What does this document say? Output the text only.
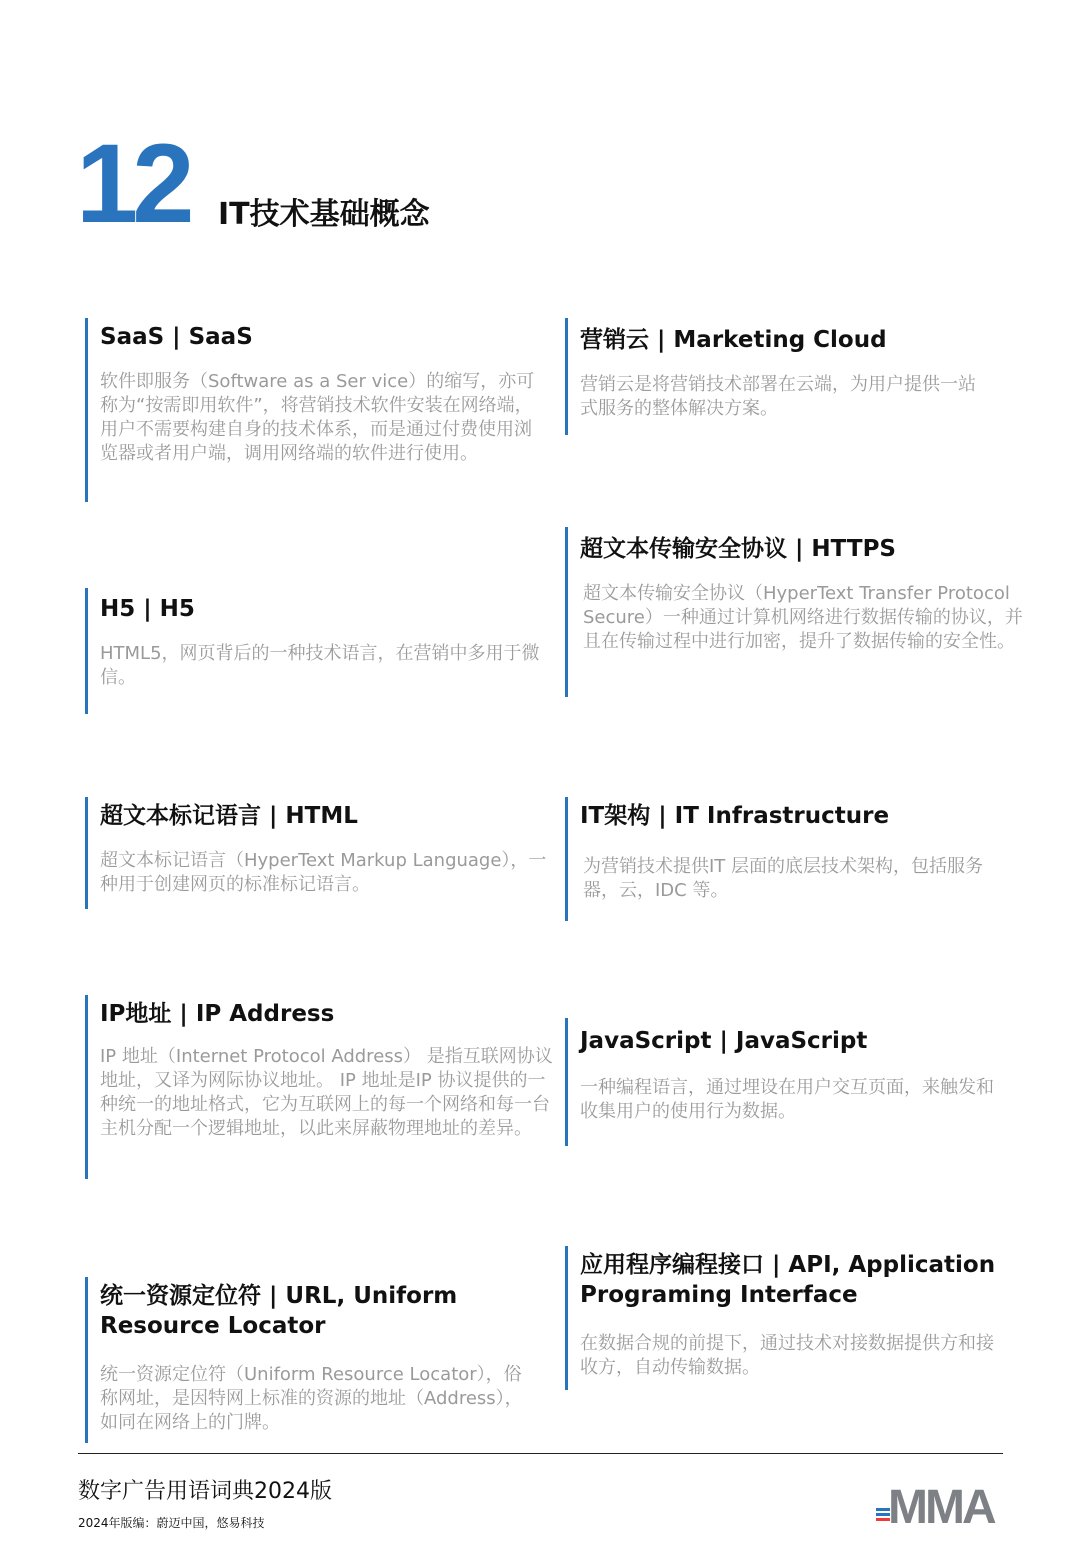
12 IT技术基础概念
SaaS | SaaS
软件即服务（Software as a Ser vice）的缩写，亦可称为“按需即用软件”，将营销技术软件安装在网络端，用户不需要构建自身的技术体系，而是通过付费使用浏览器或者用户端，调用网络端的软件进行使用。
H5 | H5
HTML5，网页背后的一种技术语言，在营销中多用于微信。
超文本标记语言 | HTML
超文本标记语言（HyperText Markup Language），一种用于创建网页的标准标记语言。
IP地址 | IP Address
IP 地址（Internet Protocol Address） 是指互联网协议地址，又译为网际协议地址。 IP 地址是IP 协议提供的一种统一的地址格式，它为互联网上的每一个网络和每一台主机分配一个逻辑地址，以此来屏蔽物理地址的差异。
统一资源定位符 | URL, Uniform Resource Locator
统一资源定位符（Uniform Resource Locator），俗称网址，是因特网上标准的资源的地址（Address），如同在网络上的门牌。
营销云 | Marketing Cloud
营销云是将营销技术部署在云端，为用户提供一站式服务的整体解决方案。
超文本传输安全协议 | HTTPS
超文本传输安全协议（HyperText Transfer Protocol Secure）一种通过计算机网络进行数据传输的协议，并且在传输过程中进行加密，提升了数据传输的安全性。
IT架构 | IT Infrastructure
为营销技术提供IT 层面的底层技术架构，包括服务器，云，IDC 等。
JavaScript | JavaScript
一种编程语言，通过埋设在用户交互页面，来触发和收集用户的使用行为数据。
应用程序编程接口 | API, Application Programing Interface
在数据合规的前提下，通过技术对接数据提供方和接收方，自动传输数据。
数字广告用语词典2024版
2024年版编：蔚迈中国，悠易科技	MMA
